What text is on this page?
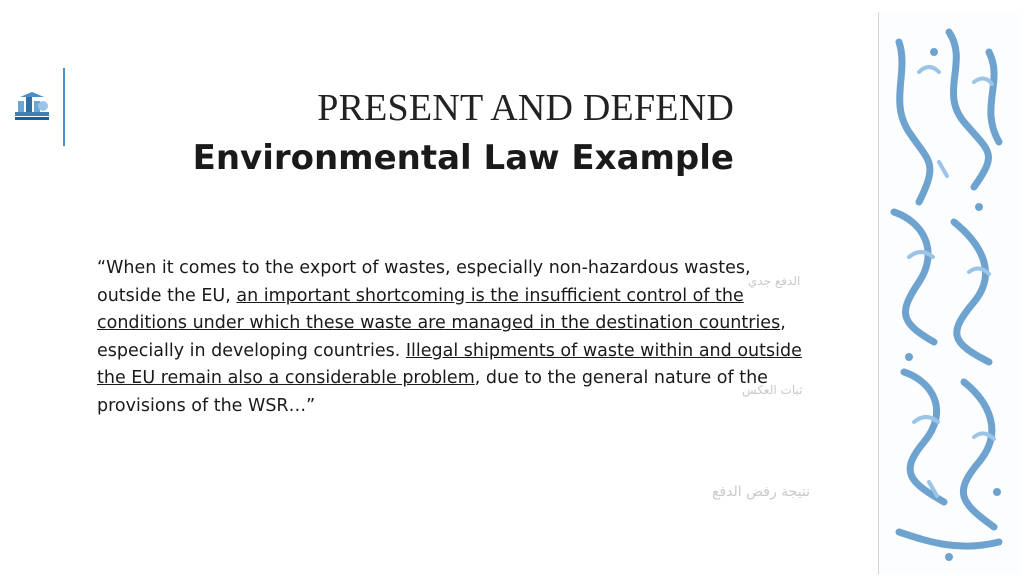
PRESENT AND DEFEND
Environmental Law Example
“When it comes to the export of wastes, especially non-hazardous wastes, outside the EU, an important shortcoming is the insufficient control of the conditions under which these waste are managed in the destination countries, especially in developing countries. Illegal shipments of waste within and outside the EU remain also a considerable problem, due to the general nature of the provisions of the WSR…”
الدفع جدي
ثبات العكس
نتيجة رفض الدفع
